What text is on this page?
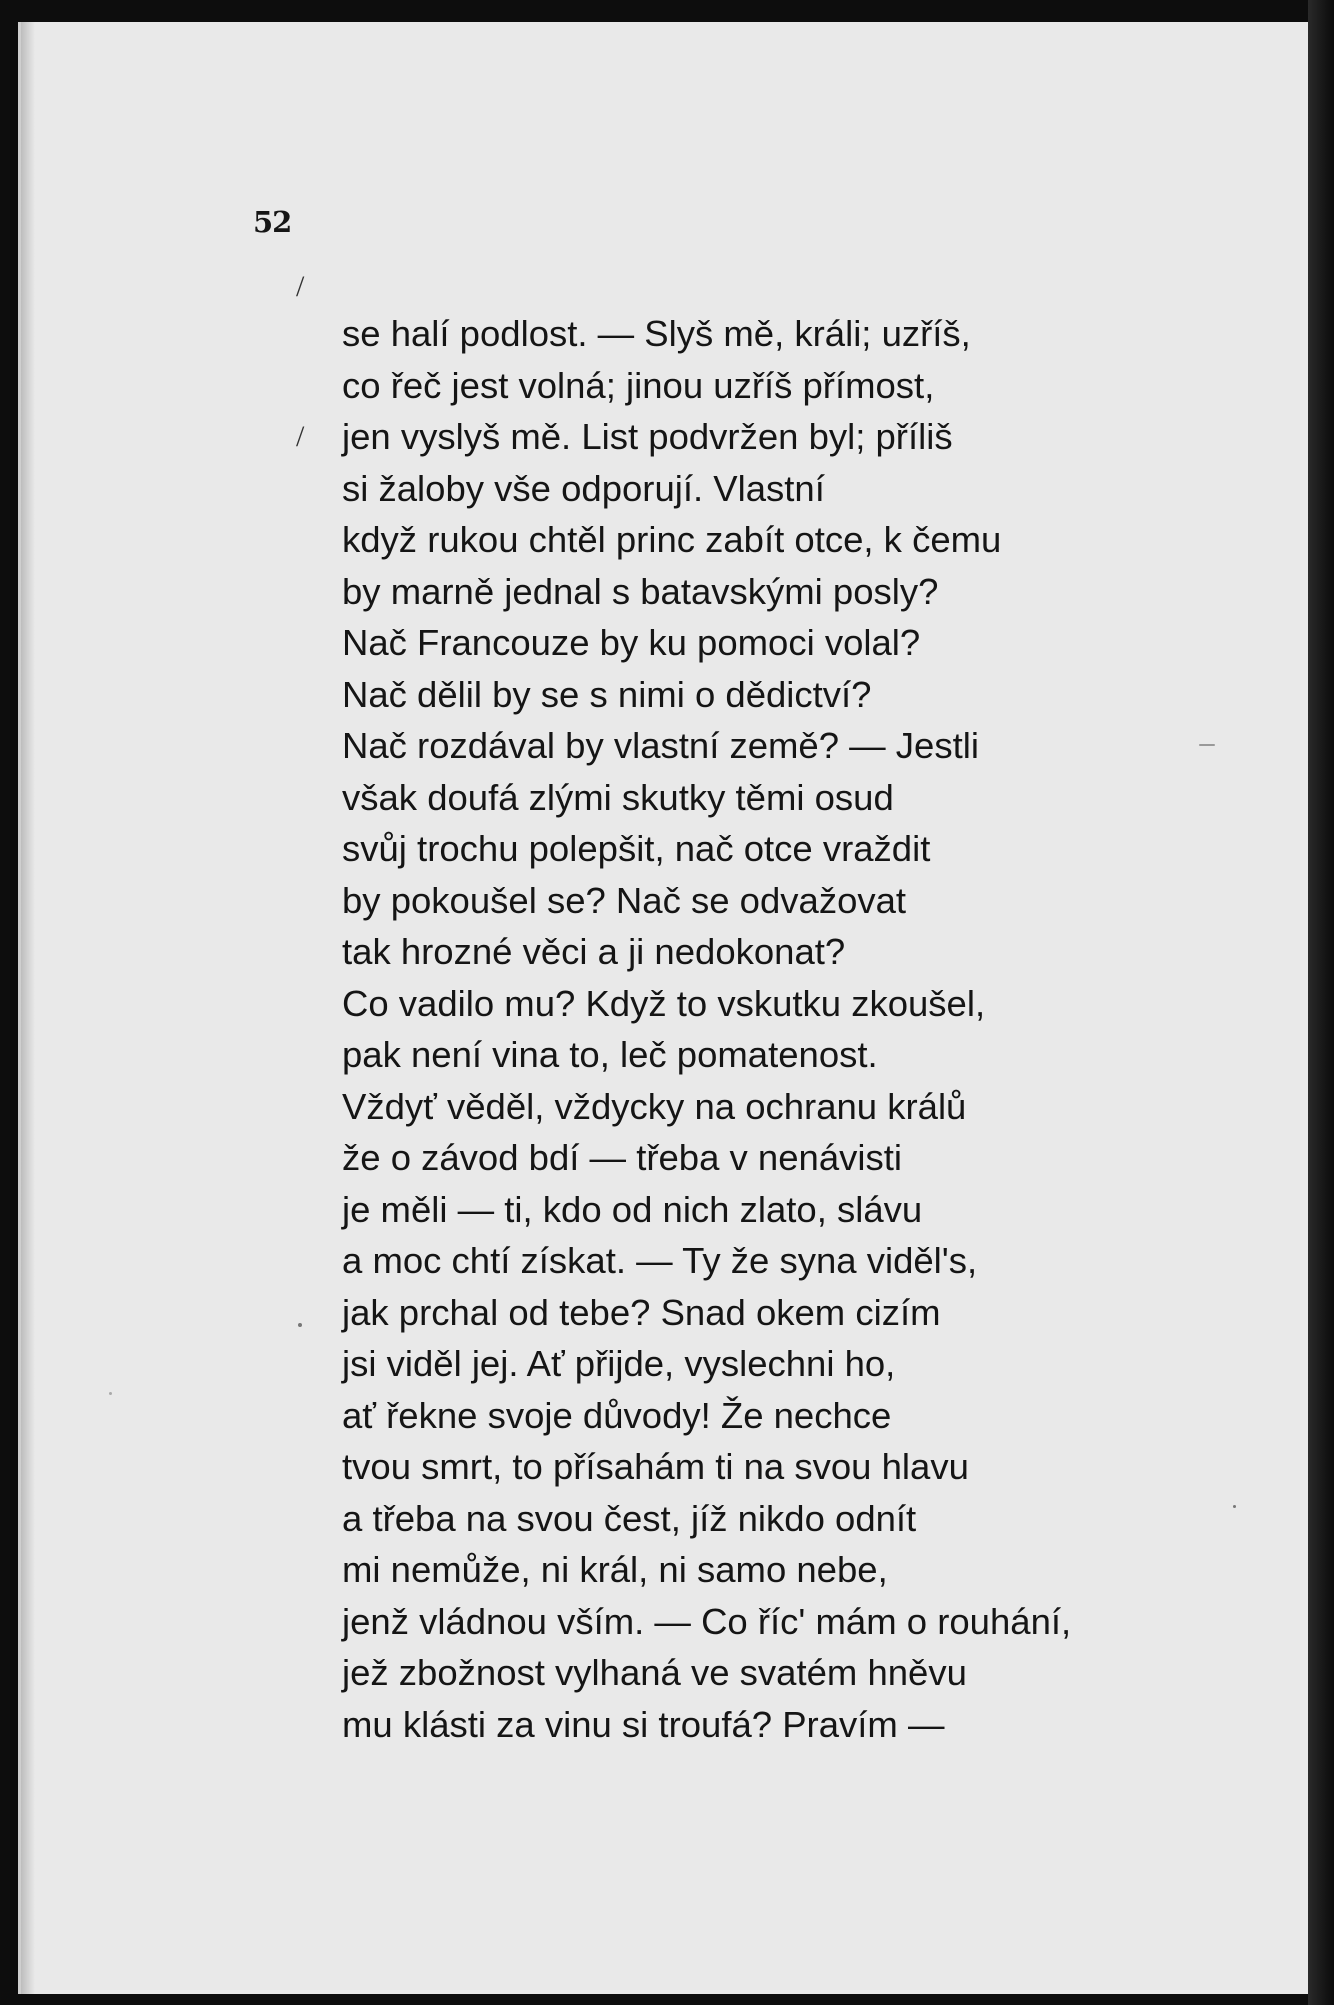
52
/
/
se halí podlost. — Slyš mě, králi; uzříš,
co řeč jest volná; jinou uzříš přímost,
jen vyslyš mě. List podvržen byl; příliš
si žaloby vše odporují. Vlastní
když rukou chtěl princ zabít otce, k čemu
by marně jednal s batavskými posly?
Nač Francouze by ku pomoci volal?
Nač dělil by se s nimi o dědictví?
Nač rozdával by vlastní země? — Jestli
však doufá zlými skutky těmi osud
svůj trochu polepšit, nač otce vraždit
by pokoušel se? Nač se odvažovat
tak hrozné věci a ji nedokonat?
Co vadilo mu? Když to vskutku zkoušel,
pak není vina to, leč pomatenost.
Vždyť věděl, vždycky na ochranu králů
že o závod bdí — třeba v nenávisti
je měli — ti, kdo od nich zlato, slávu
a moc chtí získat. — Ty že syna viděl's,
jak prchal od tebe? Snad okem cizím
jsi viděl jej. Ať přijde, vyslechni ho,
ať řekne svoje důvody! Že nechce
tvou smrt, to přísahám ti na svou hlavu
a třeba na svou čest, jíž nikdo odnít
mi nemůže, ni král, ni samo nebe,
jenž vládnou vším. — Co říc' mám o rouhání,
jež zbožnost vylhaná ve svatém hněvu
mu klásti za vinu si troufá? Pravím —
